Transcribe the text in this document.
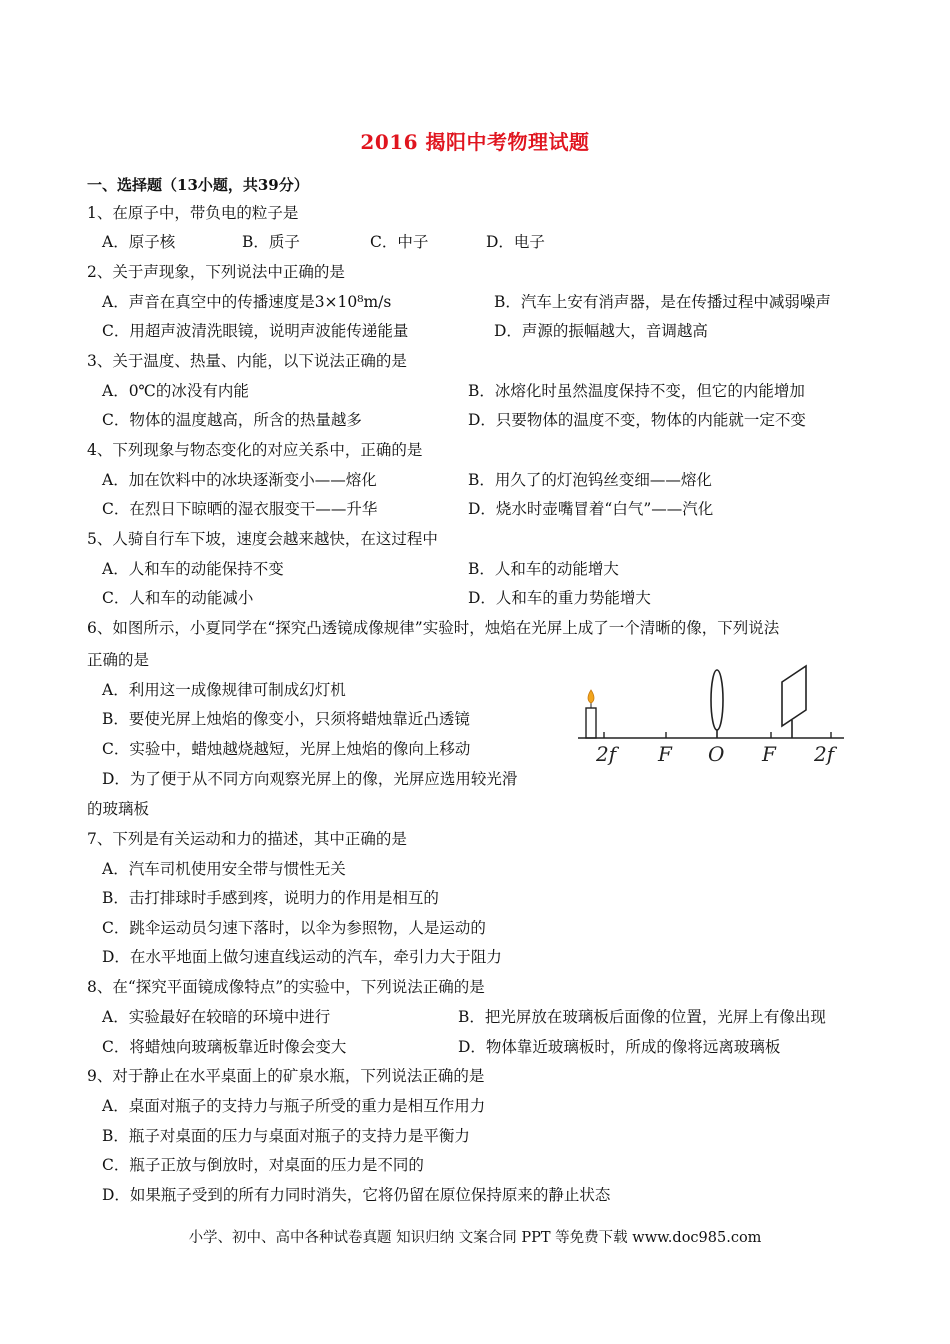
2016 揭阳中考物理试题
一、选择题（13小题，共39分）
1、在原子中，带负电的粒子是
A．原子核	B．质子	C．中子	D．电子
2、关于声现象，下列说法中正确的是
A．声音在真空中的传播速度是3×10⁸m/s	B．汽车上安有消声器，是在传播过程中减弱噪声
C．用超声波清洗眼镜，说明声波能传递能量	D．声源的振幅越大，音调越高
3、关于温度、热量、内能，以下说法正确的是
A．0℃的冰没有内能	B．冰熔化时虽然温度保持不变，但它的内能增加
C．物体的温度越高，所含的热量越多	D．只要物体的温度不变，物体的内能就一定不变
4、下列现象与物态变化的对应关系中，正确的是
A．加在饮料中的冰块逐渐变小——熔化	B．用久了的灯泡钨丝变细——熔化
C．在烈日下晾晒的湿衣服变干——升华	D．烧水时壶嘴冒着“白气”——汽化
5、人骑自行车下坡，速度会越来越快，在这过程中
A．人和车的动能保持不变	B．人和车的动能增大
C．人和车的动能减小	D．人和车的重力势能增大
6、如图所示，小夏同学在“探究凸透镜成像规律”实验时，烛焰在光屏上成了一个清晰的像，下列说法
正确的是
A．利用这一成像规律可制成幻灯机
B．要使光屏上烛焰的像变小，只须将蜡烛靠近凸透镜
C．实验中，蜡烛越烧越短，光屏上烛焰的像向上移动
D．为了便于从不同方向观察光屏上的像，光屏应选用较光滑
的玻璃板
2f F O F 2f
7、下列是有关运动和力的描述，其中正确的是
A．汽车司机使用安全带与惯性无关
B．击打排球时手感到疼，说明力的作用是相互的
C．跳伞运动员匀速下落时，以伞为参照物，人是运动的
D．在水平地面上做匀速直线运动的汽车，牵引力大于阻力
8、在“探究平面镜成像特点”的实验中，下列说法正确的是
A．实验最好在较暗的环境中进行	B．把光屏放在玻璃板后面像的位置，光屏上有像出现
C．将蜡烛向玻璃板靠近时像会变大	D．物体靠近玻璃板时，所成的像将远离玻璃板
9、对于静止在水平桌面上的矿泉水瓶，下列说法正确的是
A．桌面对瓶子的支持力与瓶子所受的重力是相互作用力
B．瓶子对桌面的压力与桌面对瓶子的支持力是平衡力
C．瓶子正放与倒放时，对桌面的压力是不同的
D．如果瓶子受到的所有力同时消失，它将仍留在原位保持原来的静止状态
小学、初中、高中各种试卷真题 知识归纳 文案合同 PPT 等免费下载 www.doc985.com
